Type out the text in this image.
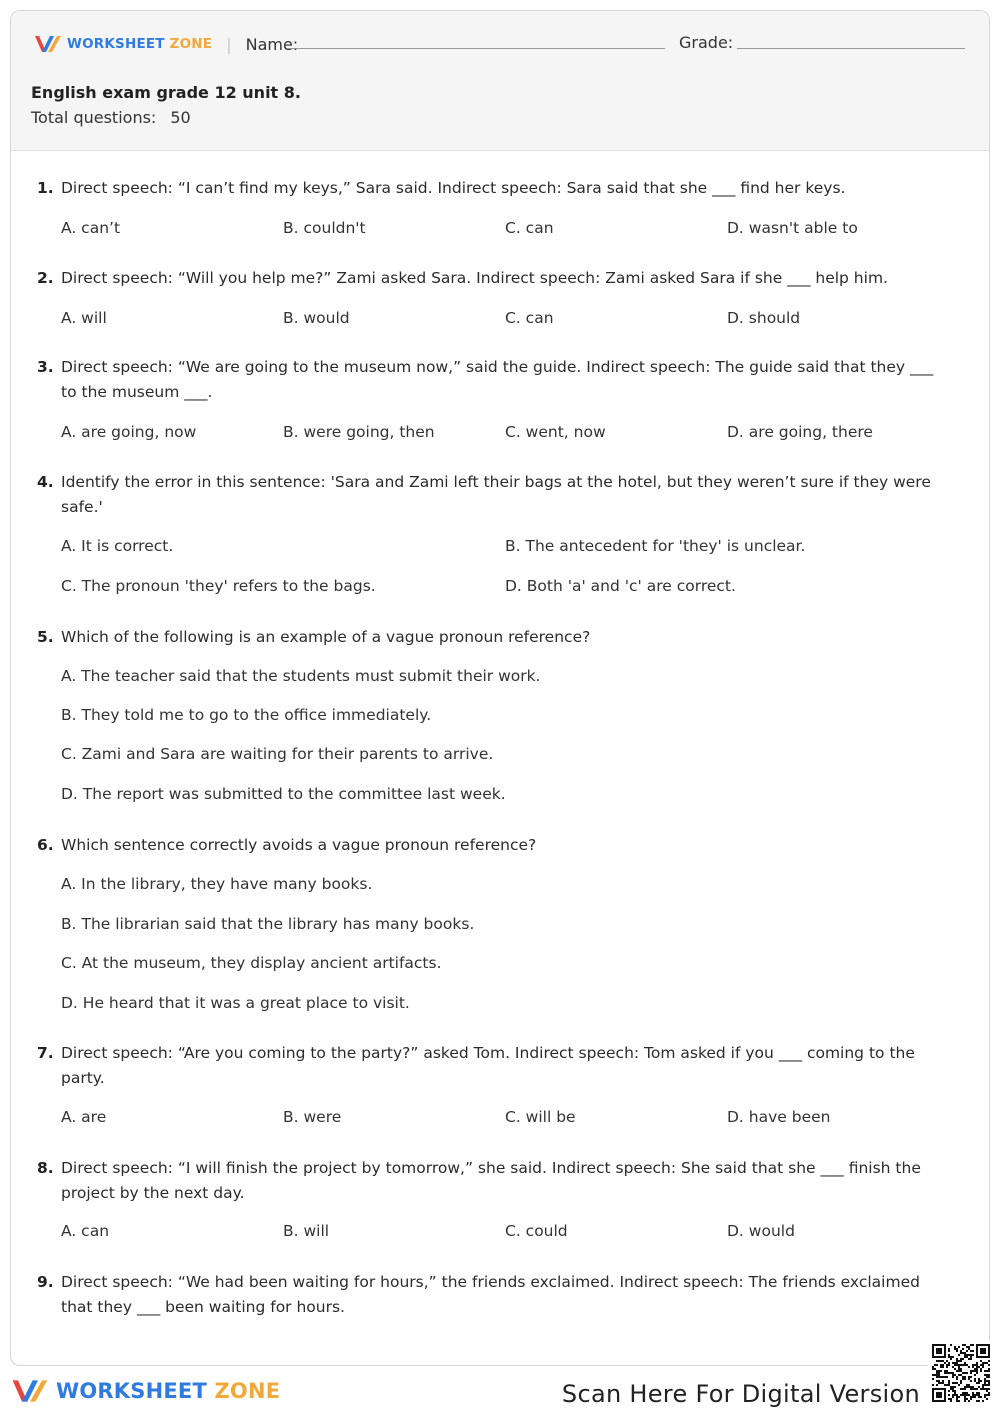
WORKSHEET ZONE | Name:	Grade:
English exam grade 12 unit 8.
Total questions: 50
1. Direct speech: “I can’t find my keys,” Sara said. Indirect speech: Sara said that she ___ find her keys.
A. can’t	B. couldn't	C. can	D. wasn't able to
2. Direct speech: “Will you help me?” Zami asked Sara. Indirect speech: Zami asked Sara if she ___ help him.
A. will	B. would	C. can	D. should
3. Direct speech: “We are going to the museum now,” said the guide. Indirect speech: The guide said that they ___ to the museum ___.
A. are going, now	B. were going, then	C. went, now	D. are going, there
4. Identify the error in this sentence: 'Sara and Zami left their bags at the hotel, but they weren’t sure if they were safe.'
A. It is correct.	B. The antecedent for 'they' is unclear.
C. The pronoun 'they' refers to the bags.	D. Both 'a' and 'c' are correct.
5. Which of the following is an example of a vague pronoun reference?
A. The teacher said that the students must submit their work.
B. They told me to go to the office immediately.
C. Zami and Sara are waiting for their parents to arrive.
D. The report was submitted to the committee last week.
6. Which sentence correctly avoids a vague pronoun reference?
A. In the library, they have many books.
B. The librarian said that the library has many books.
C. At the museum, they display ancient artifacts.
D. He heard that it was a great place to visit.
7. Direct speech: “Are you coming to the party?” asked Tom. Indirect speech: Tom asked if you ___ coming to the party.
A. are	B. were	C. will be	D. have been
8. Direct speech: “I will finish the project by tomorrow,” she said. Indirect speech: She said that she ___ finish the project by the next day.
A. can	B. will	C. could	D. would
9. Direct speech: “We had been waiting for hours,” the friends exclaimed. Indirect speech: The friends exclaimed that they ___ been waiting for hours.
WORKSHEET ZONE	Scan Here For Digital Version
